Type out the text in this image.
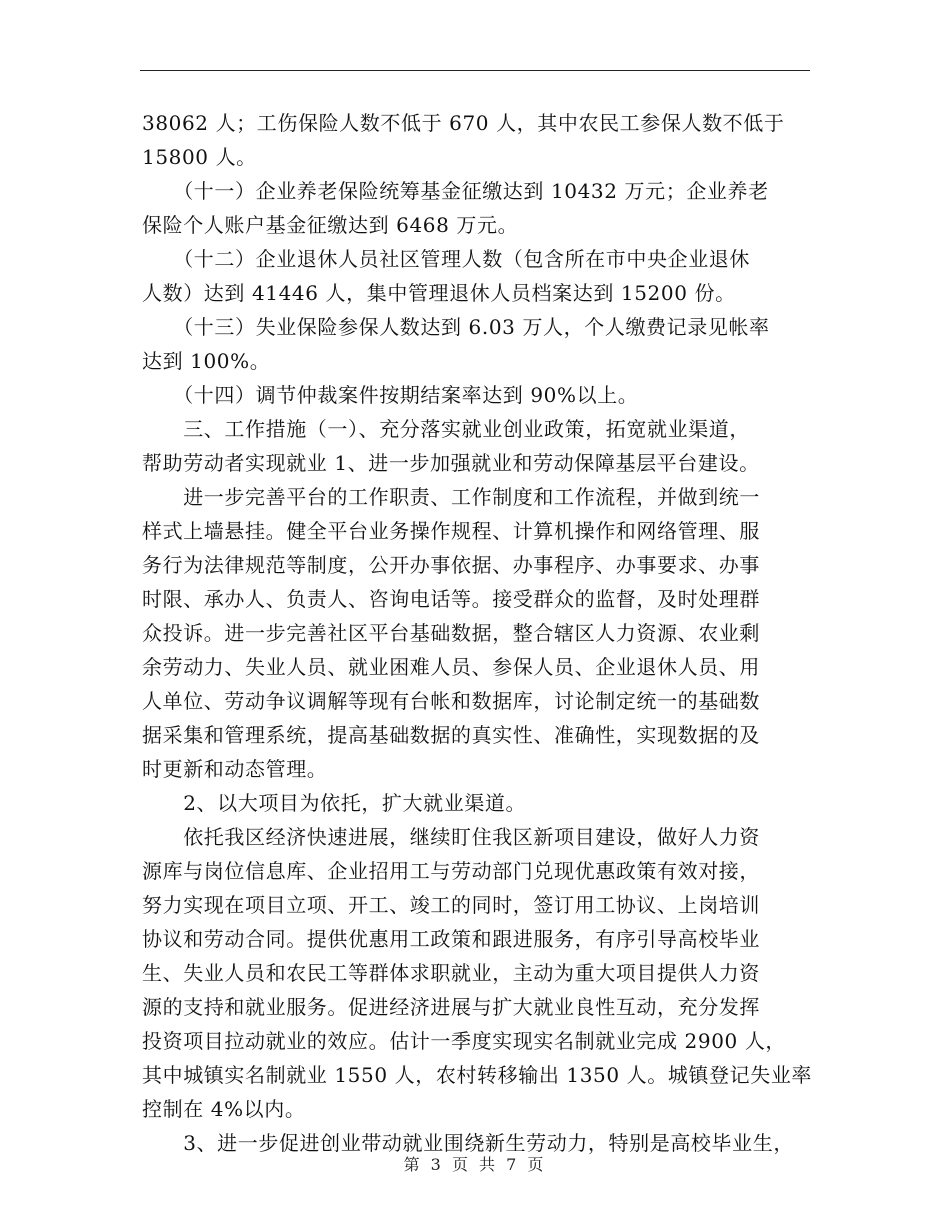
38062 人；工伤保险人数不低于 670 人，其中农民工参保人数不低于
15800 人。
　　（十一）企业养老保险统筹基金征缴达到 10432 万元；企业养老
保险个人账户基金征缴达到 6468 万元。
　　（十二）企业退休人员社区管理人数（包含所在市中央企业退休
人数）达到 41446 人，集中管理退休人员档案达到 15200 份。
　　（十三）失业保险参保人数达到 6.03 万人，个人缴费记录见帐率
达到 100%。
　　（十四）调节仲裁案件按期结案率达到 90%以上。
　　三、工作措施（一）、充分落实就业创业政策，拓宽就业渠道，
帮助劳动者实现就业 1、进一步加强就业和劳动保障基层平台建设。
　　进一步完善平台的工作职责、工作制度和工作流程，并做到统一
样式上墙悬挂。健全平台业务操作规程、计算机操作和网络管理、服
务行为法律规范等制度，公开办事依据、办事程序、办事要求、办事
时限、承办人、负责人、咨询电话等。接受群众的监督，及时处理群
众投诉。进一步完善社区平台基础数据，整合辖区人力资源、农业剩
余劳动力、失业人员、就业困难人员、参保人员、企业退休人员、用
人单位、劳动争议调解等现有台帐和数据库，讨论制定统一的基础数
据采集和管理系统，提高基础数据的真实性、准确性，实现数据的及
时更新和动态管理。
　　2、以大项目为依托，扩大就业渠道。
　　依托我区经济快速进展，继续盯住我区新项目建设，做好人力资
源库与岗位信息库、企业招用工与劳动部门兑现优惠政策有效对接，
努力实现在项目立项、开工、竣工的同时，签订用工协议、上岗培训
协议和劳动合同。提供优惠用工政策和跟进服务，有序引导高校毕业
生、失业人员和农民工等群体求职就业，主动为重大项目提供人力资
源的支持和就业服务。促进经济进展与扩大就业良性互动，充分发挥
投资项目拉动就业的效应。估计一季度实现实名制就业完成 2900 人，
其中城镇实名制就业 1550 人，农村转移输出 1350 人。城镇登记失业率
控制在 4%以内。
　　3、进一步促进创业带动就业围绕新生劳动力，特别是高校毕业生，
第 3 页 共 7 页
